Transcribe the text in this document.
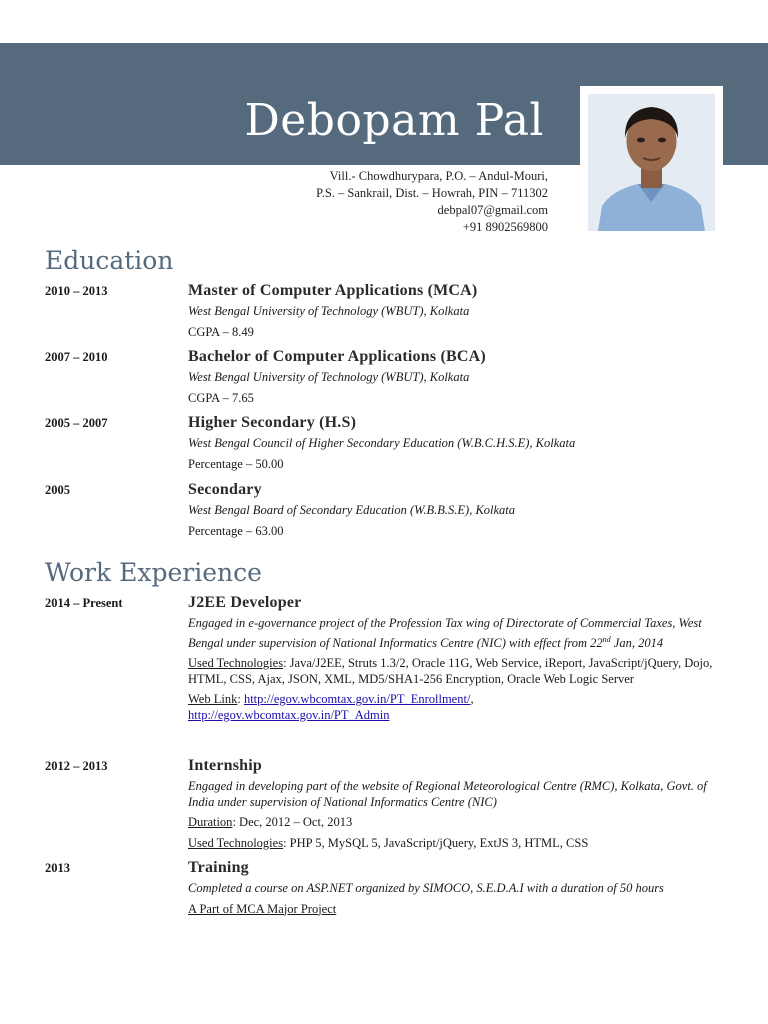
Debopam Pal
Vill.- Chowdhurypara, P.O. – Andul-Mouri,
P.S. – Sankrail, Dist. – Howrah, PIN – 711302
debpal07@gmail.com
+91 8902569800
Education
2010 – 2013	Master of Computer Applications (MCA)
West Bengal University of Technology (WBUT), Kolkata
CGPA – 8.49
2007 – 2010	Bachelor of Computer Applications (BCA)
West Bengal University of Technology (WBUT), Kolkata
CGPA – 7.65
2005 – 2007	Higher Secondary (H.S)
West Bengal Council of Higher Secondary Education (W.B.C.H.S.E), Kolkata
Percentage – 50.00
2005	Secondary
West Bengal Board of Secondary Education (W.B.B.S.E), Kolkata
Percentage – 63.00
Work Experience
2014 – Present	J2EE Developer
Engaged in e-governance project of the Profession Tax wing of Directorate of Commercial Taxes, West Bengal under supervision of National Informatics Centre (NIC) with effect from 22nd Jan, 2014
Used Technologies: Java/J2EE, Struts 1.3/2, Oracle 11G, Web Service, iReport, JavaScript/jQuery, Dojo, HTML, CSS, Ajax, JSON, XML, MD5/SHA1-256 Encryption, Oracle Web Logic Server
Web Link: http://egov.wbcomtax.gov.in/PT_Enrollment/,
http://egov.wbcomtax.gov.in/PT_Admin
2012 – 2013	Internship
Engaged in developing part of the website of Regional Meteorological Centre (RMC), Kolkata, Govt. of India under supervision of National Informatics Centre (NIC)
Duration: Dec, 2012 – Oct, 2013
Used Technologies: PHP 5, MySQL 5, JavaScript/jQuery, ExtJS 3, HTML, CSS
2013	Training
Completed a course on ASP.NET organized by SIMOCO, S.E.D.A.I with a duration of 50 hours
A Part of MCA Major Project
